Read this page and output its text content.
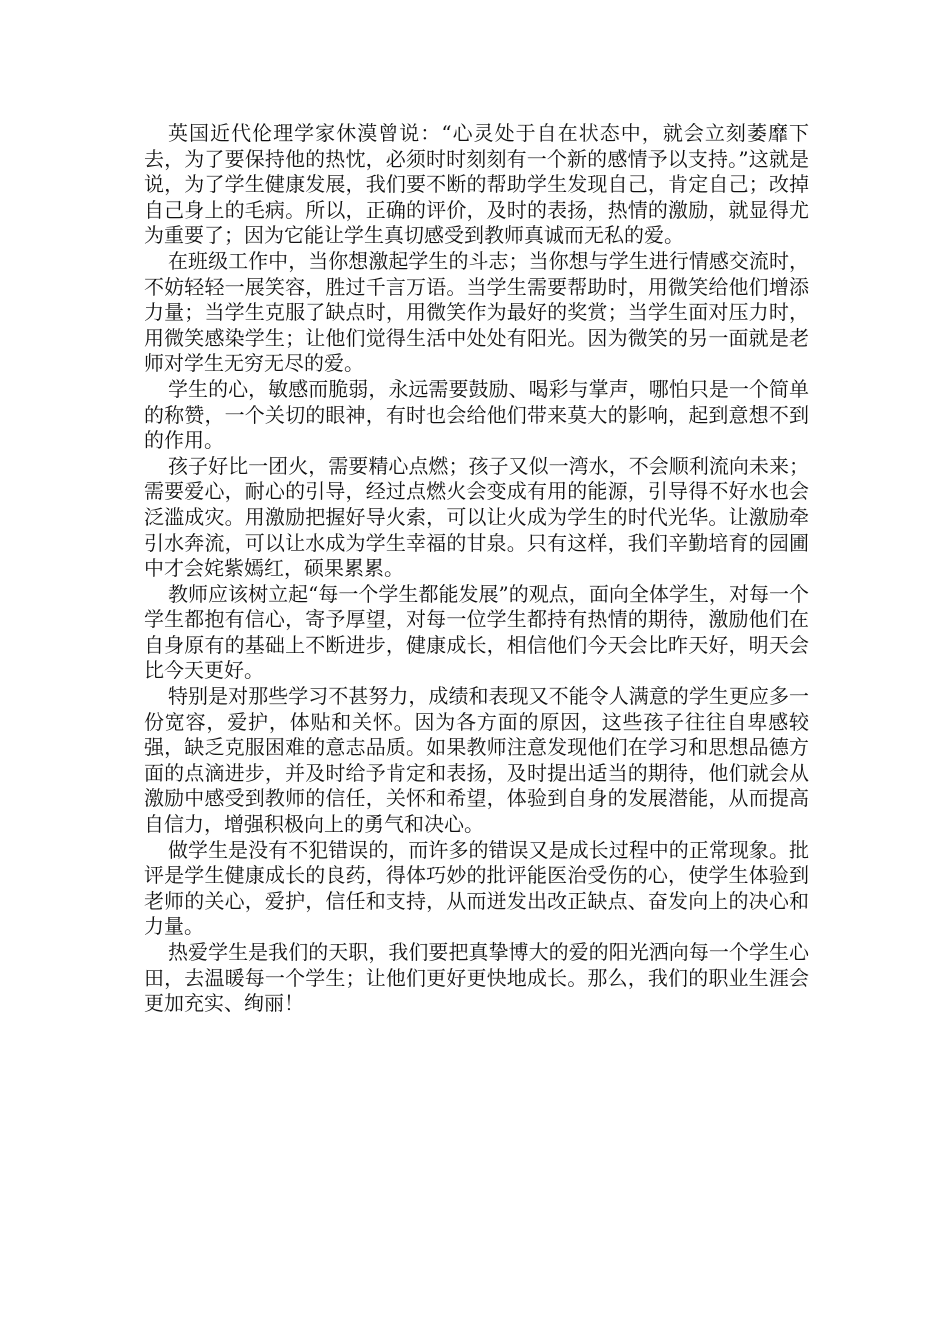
英国近代伦理学家休漠曾说：“心灵处于自在状态中，就会立刻萎靡下去，为了要保持他的热忱，必须时时刻刻有一个新的感情予以支持。”这就是说，为了学生健康发展，我们要不断的帮助学生发现自己，肯定自己；改掉自己身上的毛病。所以，正确的评价，及时的表扬，热情的激励，就显得尤为重要了；因为它能让学生真切感受到教师真诚而无私的爱。

在班级工作中，当你想激起学生的斗志；当你想与学生进行情感交流时，不妨轻轻一展笑容，胜过千言万语。当学生需要帮助时，用微笑给他们增添力量；当学生克服了缺点时，用微笑作为最好的奖赏；当学生面对压力时，用微笑感染学生；让他们觉得生活中处处有阳光。因为微笑的另一面就是老师对学生无穷无尽的爱。

学生的心，敏感而脆弱，永远需要鼓励、喝彩与掌声，哪怕只是一个简单的称赞，一个关切的眼神，有时也会给他们带来莫大的影响，起到意想不到的作用。

孩子好比一团火，需要精心点燃；孩子又似一湾水，不会顺利流向未来；需要爱心，耐心的引导，经过点燃火会变成有用的能源，引导得不好水也会泛滥成灾。用激励把握好导火索，可以让火成为学生的时代光华。让激励牵引水奔流，可以让水成为学生幸福的甘泉。只有这样，我们辛勤培育的园圃中才会姹紫嫣红，硕果累累。

教师应该树立起“每一个学生都能发展”的观点，面向全体学生，对每一个学生都抱有信心，寄予厚望，对每一位学生都持有热情的期待，激励他们在自身原有的基础上不断进步，健康成长，相信他们今天会比昨天好，明天会比今天更好。

特别是对那些学习不甚努力，成绩和表现又不能令人满意的学生更应多一份宽容，爱护，体贴和关怀。因为各方面的原因，这些孩子往往自卑感较强，缺乏克服困难的意志品质。如果教师注意发现他们在学习和思想品德方面的点滴进步，并及时给予肯定和表扬，及时提出适当的期待，他们就会从激励中感受到教师的信任，关怀和希望，体验到自身的发展潜能，从而提高自信力，增强积极向上的勇气和决心。

做学生是没有不犯错误的，而许多的错误又是成长过程中的正常现象。批评是学生健康成长的良药，得体巧妙的批评能医治受伤的心，使学生体验到老师的关心，爱护，信任和支持，从而迸发出改正缺点、奋发向上的决心和力量。

热爱学生是我们的天职，我们要把真挚博大的爱的阳光洒向每一个学生心田，去温暖每一个学生；让他们更好更快地成长。那么，我们的职业生涯会更加充实、绚丽！
